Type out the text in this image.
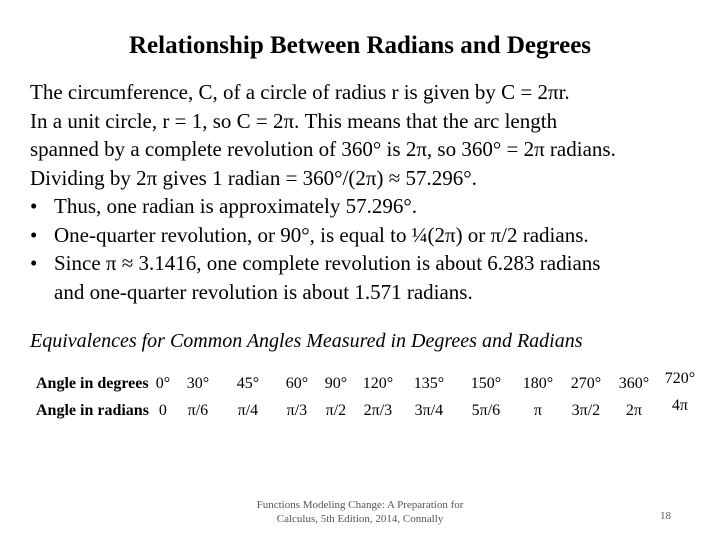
Relationship Between Radians and Degrees

The circumference, C, of a circle of radius r is given by C = 2πr.

In a unit circle, r = 1, so C = 2π. This means that the arc length

spanned by a complete revolution of 360° is 2π, so 360° = 2π radians.

Dividing by 2π gives 1 radian = 360°/(2π) ≈ 57.296°.

• Thus, one radian is approximately 57.296°.

• One-quarter revolution, or 90°, is equal to ¼(2π) or π/2 radians.

• Since π ≈ 3.1416, one complete revolution is about 6.283 radians

and one-quarter revolution is about 1.571 radians.

Equivalences for Common Angles Measured in Degrees and Radians
Angle in degrees	0°	30°	45°	60°	90°	120°	135°	150°	180°	270°	360°	720°
Angle in radians	0	π/6	π/4	π/3	π/2	2π/3	3π/4	5π/6	π	3π/2	2π	4π
Functions Modeling Change: A Preparation for Calculus, 5th Edition, 2014, Connally	18
